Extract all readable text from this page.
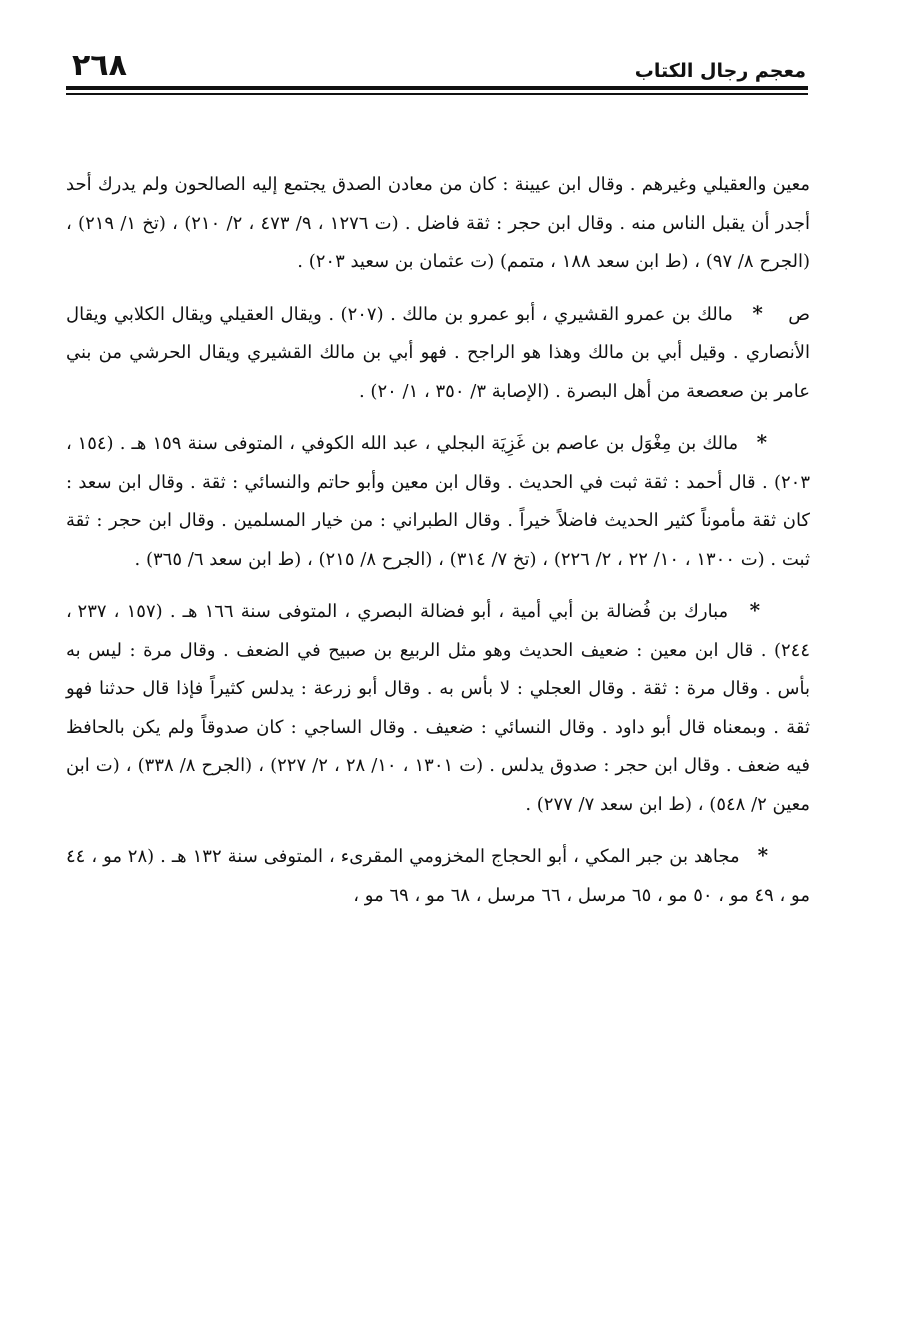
٢٦٨	معجم رجال الكتاب

معين والعقيلي وغيرهم . وقال ابن عيينة : كان من معادن الصدق يجتمع إليه الصالحون ولم يدرك أحد أجدر أن يقبل الناس منه . وقال ابن حجر : ثقة فاضل . (ت ١٢٧٦ ، ٩/ ٤٧٣ ، ٢/ ٢١٠) ، (تخ ١/ ٢١٩) ، (الجرح ٨/ ٩٧) ، (ط ابن سعد ١٨٨ ، متمم) (ت عثمان بن سعيد ٢٠٣) .

ص   *   مالك بن عمرو القشيري ، أبو عمرو بن مالك . (٢٠٧) . ويقال العقيلي ويقال الكلابي ويقال الأنصاري . وقيل أبي بن مالك وهذا هو الراجح . فهو أبي بن مالك القشيري ويقال الحرشي من بني عامر بن صعصعة من أهل البصرة . (الإصابة ٣/ ٣٥٠ ، ١/ ٢٠) .

*   مالك بن مِغْوَل بن عاصم بن غَزِيَة البجلي ، عبد الله الكوفي ، المتوفى سنة ١٥٩ هـ . (١٥٤ ، ٢٠٣) . قال أحمد : ثقة ثبت في الحديث . وقال ابن معين وأبو حاتم والنسائي : ثقة . وقال ابن سعد : كان ثقة مأموناً كثير الحديث فاضلاً خيراً . وقال الطبراني : من خيار المسلمين . وقال ابن حجر : ثقة ثبت . (ت ١٣٠٠ ، ١٠/ ٢٢ ، ٢/ ٢٢٦) ، (تخ ٧/ ٣١٤) ، (الجرح ٨/ ٢١٥) ، (ط ابن سعد ٦/ ٣٦٥) .

*   مبارك بن فُضالة بن أبي أمية ، أبو فضالة البصري ، المتوفى سنة ١٦٦ هـ . (١٥٧ ، ٢٣٧ ، ٢٤٤) . قال ابن معين : ضعيف الحديث وهو مثل الربيع بن صبيح في الضعف . وقال مرة : ليس به بأس . وقال مرة : ثقة . وقال العجلي : لا بأس به . وقال أبو زرعة : يدلس كثيراً فإذا قال حدثنا فهو ثقة . وبمعناه قال أبو داود . وقال النسائي : ضعيف . وقال الساجي : كان صدوقاً ولم يكن بالحافظ فيه ضعف . وقال ابن حجر : صدوق يدلس . (ت ١٣٠١ ، ١٠/ ٢٨ ، ٢/ ٢٢٧) ، (الجرح ٨/ ٣٣٨) ، (ت ابن معين ٢/ ٥٤٨) ، (ط ابن سعد ٧/ ٢٧٧) .

*   مجاهد بن جبر المكي ، أبو الحجاج المخزومي المقرىء ، المتوفى سنة ١٣٢ هـ . (٢٨ مو ، ٤٤ مو ، ٤٩ مو ، ٥٠ مو ، ٦٥ مرسل ، ٦٦ مرسل ، ٦٨ مو ، ٦٩ مو ،
